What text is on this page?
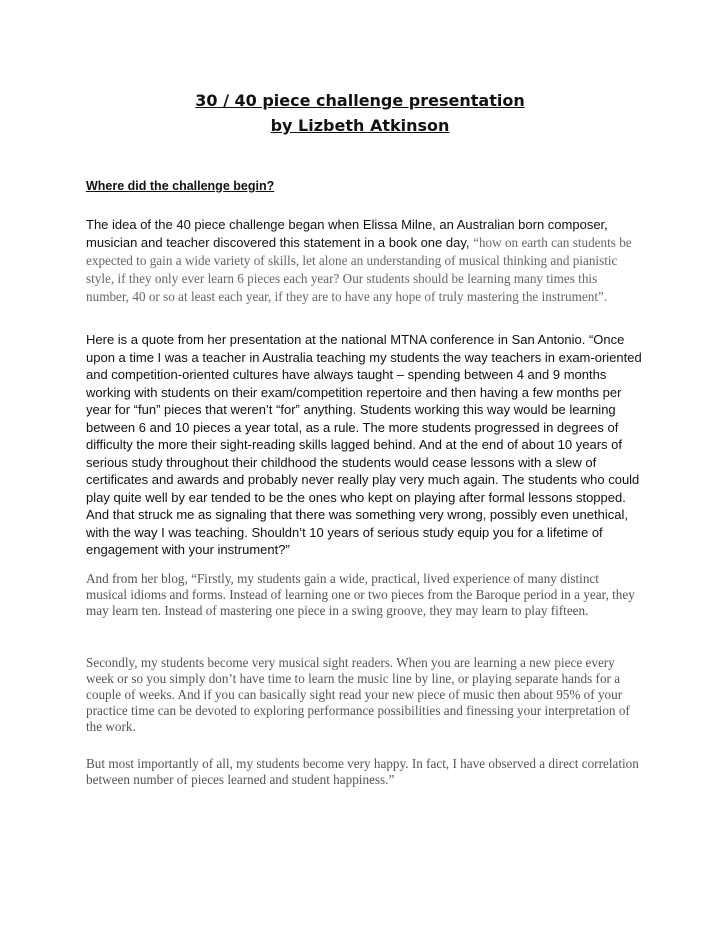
30 / 40 piece challenge presentation
by Lizbeth Atkinson
Where did the challenge begin?

The idea of the 40 piece challenge began when Elissa Milne, an Australian born composer, musician and teacher discovered this statement in a book one day, “how on earth can students be expected to gain a wide variety of skills, let alone an understanding of musical thinking and pianistic style, if they only ever learn 6 pieces each year? Our students should be learning many times this number, 40 or so at least each year, if they are to have any hope of truly mastering the instrument”.

Here is a quote from her presentation at the national MTNA conference in San Antonio. “Once upon a time I was a teacher in Australia teaching my students the way teachers in exam-oriented and competition-oriented cultures have always taught – spending between 4 and 9 months working with students on their exam/competition repertoire and then having a few months per year for “fun” pieces that weren’t “for” anything. Students working this way would be learning between 6 and 10 pieces a year total, as a rule. The more students progressed in degrees of difficulty the more their sight-reading skills lagged behind. And at the end of about 10 years of serious study throughout their childhood the students would cease lessons with a slew of certificates and awards and probably never really play very much again. The students who could play quite well by ear tended to be the ones who kept on playing after formal lessons stopped. And that struck me as signaling that there was something very wrong, possibly even unethical, with the way I was teaching. Shouldn’t 10 years of serious study equip you for a lifetime of engagement with your instrument?”

And from her blog, “Firstly, my students gain a wide, practical, lived experience of many distinct musical idioms and forms. Instead of learning one or two pieces from the Baroque period in a year, they may learn ten. Instead of mastering one piece in a swing groove, they may learn to play fifteen.

Secondly, my students become very musical sight readers. When you are learning a new piece every week or so you simply don’t have time to learn the music line by line, or playing separate hands for a couple of weeks. And if you can basically sight read your new piece of music then about 95% of your practice time can be devoted to exploring performance possibilities and finessing your interpretation of the work.

But most importantly of all, my students become very happy. In fact, I have observed a direct correlation between number of pieces learned and student happiness.”
